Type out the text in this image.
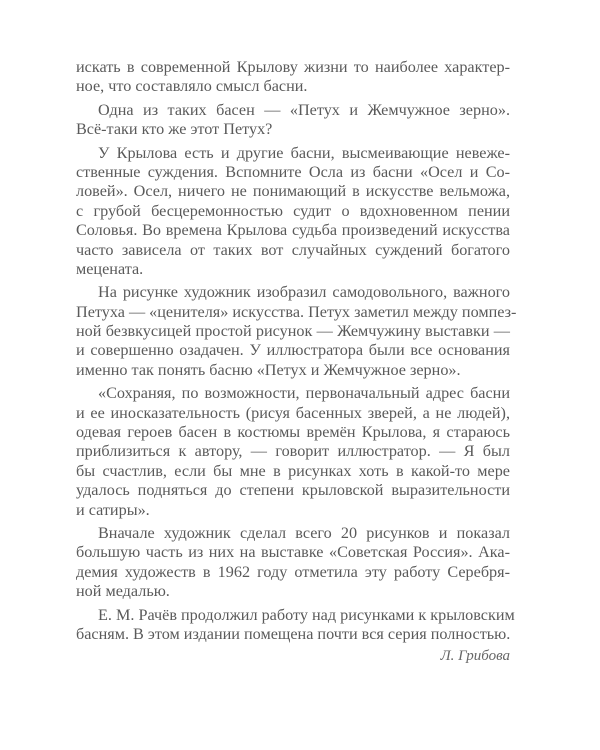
искать в современной Крылову жизни то наиболее характер-
ное, что составляло смысл басни.
Одна из таких басен — «Петух и Жемчужное зерно».
Всё-таки кто же этот Петух?
У Крылова есть и другие басни, высмеивающие невеже-
ственные суждения. Вспомните Осла из басни «Осел и Со-
ловей». Осел, ничего не понимающий в искусстве вельможа,
с грубой бесцеремонностью судит о вдохновенном пении
Соловья. Во времена Крылова судьба произведений искусства
часто зависела от таких вот случайных суждений богатого
мецената.
На рисунке художник изобразил самодовольного, важного
Петуха — «ценителя» искусства. Петух заметил между помпез-
ной безвкусицей простой рисунок — Жемчужину выставки —
и совершенно озадачен. У иллюстратора были все основания
именно так понять басню «Петух и Жемчужное зерно».
«Сохраняя, по возможности, первоначальный адрес басни
и ее иносказательность (рисуя басенных зверей, а не людей),
одевая героев басен в костюмы времён Крылова, я стараюсь
приблизиться к автору, — говорит иллюстратор. — Я был
бы счастлив, если бы мне в рисунках хоть в какой-то мере
удалось подняться до степени крыловской выразительности
и сатиры».
Вначале художник сделал всего 20 рисунков и показал
большую часть из них на выставке «Советская Россия». Ака-
демия художеств в 1962 году отметила эту работу Серебря-
ной медалью.
Е. М. Рачёв продолжил работу над рисунками к крыловским
басням. В этом издании помещена почти вся серия полностью.
Л. Грибова
